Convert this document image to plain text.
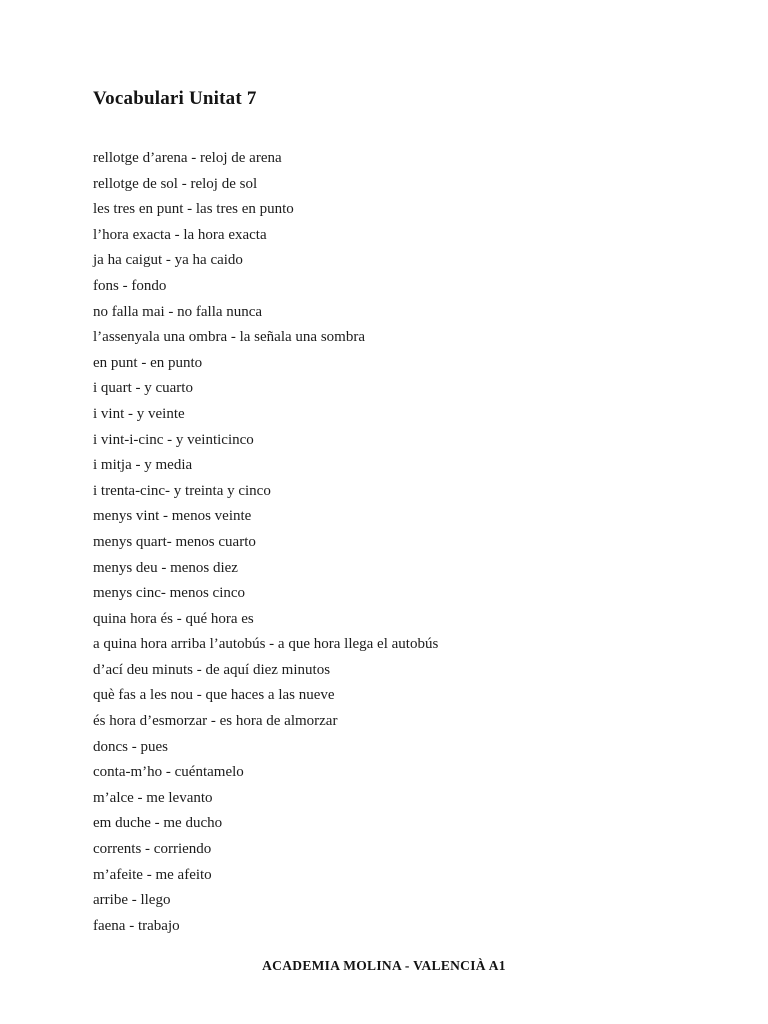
Vocabulari Unitat 7
rellotge d’arena - reloj de arena
rellotge de sol - reloj de sol
les tres en punt - las tres en punto
l’hora exacta - la hora exacta
ja ha caigut - ya ha caido
fons - fondo
no falla mai - no falla nunca
l’assenyala una ombra - la señala una sombra
en punt - en punto
i quart - y cuarto
i vint - y veinte
i vint-i-cinc - y veinticinco
i mitja - y media
i trenta-cinc- y treinta y cinco
menys vint - menos veinte
menys quart- menos cuarto
menys deu - menos diez
menys cinc- menos cinco
quina hora és - qué hora es
a quina hora arriba l’autobús - a que hora llega el autobús
d’ací deu minuts - de aquí diez minutos
què fas a les nou - que haces a las nueve
és hora d’esmorzar - es hora de almorzar
doncs - pues
conta-m’ho - cuéntamelo
m’alce - me levanto
em duche - me ducho
corrents - corriendo
m’afeite - me afeito
arribe - llego
faena - trabajo
ACADEMIA MOLINA - VALENCIÀ A1
